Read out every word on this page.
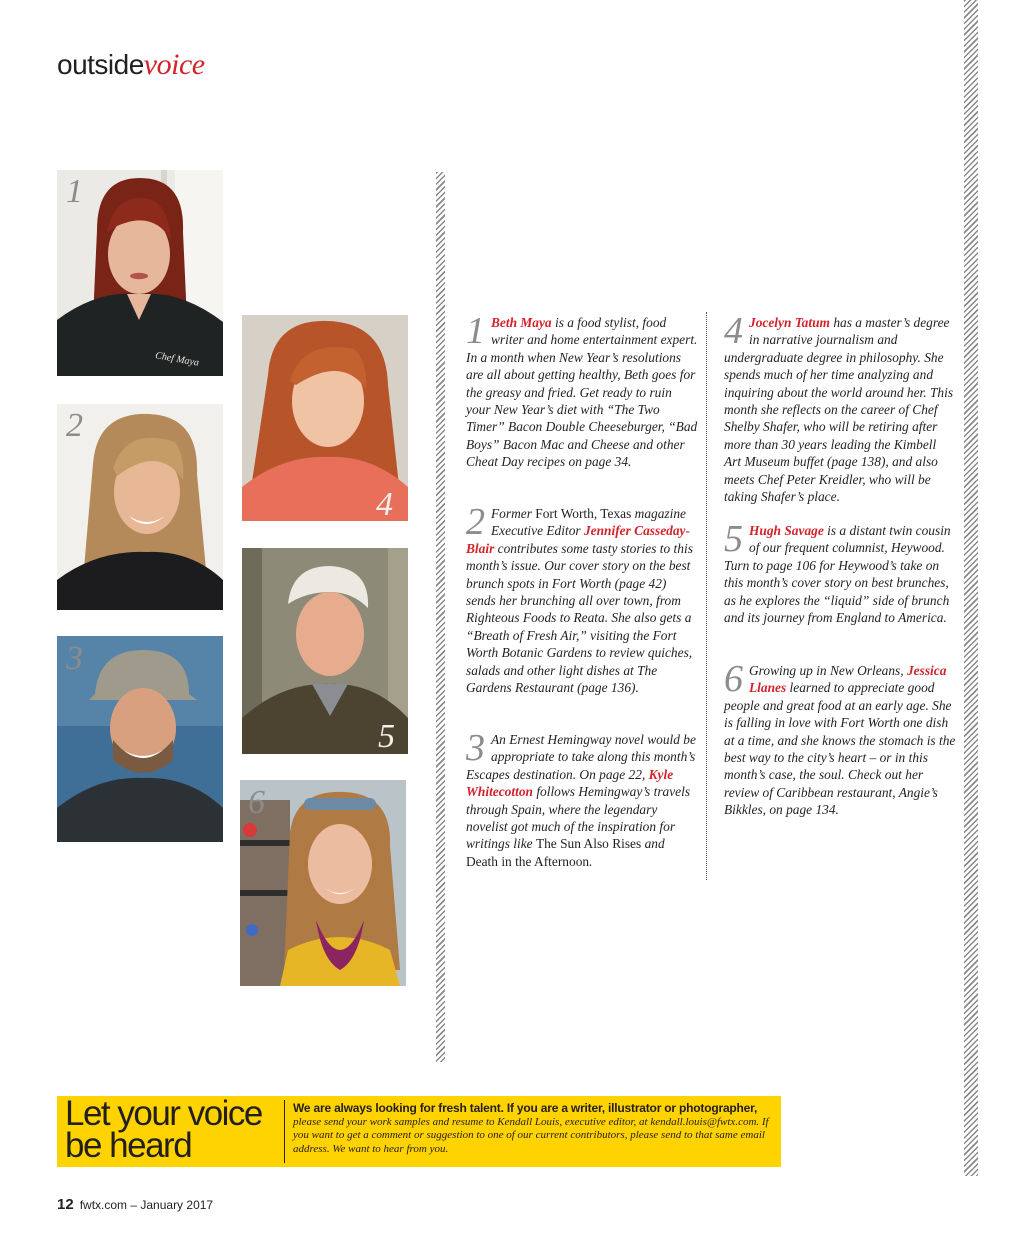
outsidevoice
Chef Maya
1
4
2
5
3
6
1 Beth Maya is a food stylist, food writer and home entertainment expert. In a month when New Year’s resolutions are all about getting healthy, Beth goes for the greasy and fried. Get ready to ruin your New Year’s diet with “The Two Timer” Bacon Double Cheeseburger, “Bad Boys” Bacon Mac and Cheese and other Cheat Day recipes on page 34.
2 Former Fort Worth, Texas magazine Executive Editor Jennifer Casseday-Blair contributes some tasty stories to this month’s issue. Our cover story on the best brunch spots in Fort Worth (page 42) sends her brunching all over town, from Righteous Foods to Reata. She also gets a “Breath of Fresh Air,” visiting the Fort Worth Botanic Gardens to review quiches, salads and other light dishes at The Gardens Restaurant (page 136).
3 An Ernest Hemingway novel would be appropriate to take along this month’s Escapes destination. On page 22, Kyle Whitecotton follows Hemingway’s travels through Spain, where the legendary novelist got much of the inspiration for writings like The Sun Also Rises and Death in the Afternoon.
4 Jocelyn Tatum has a master’s degree in narrative journalism and undergraduate degree in philosophy. She spends much of her time analyzing and inquiring about the world around her. This month she reflects on the career of Chef Shelby Shafer, who will be retiring after more than 30 years leading the Kimbell Art Museum buffet (page 138), and also meets Chef Peter Kreidler, who will be taking Shafer’s place.
5 Hugh Savage is a distant twin cousin of our frequent columnist, Heywood. Turn to page 106 for Heywood’s take on this month’s cover story on best brunches, as he explores the “liquid” side of brunch and its journey from England to America.
6 Growing up in New Orleans, Jessica Llanes learned to appreciate good people and great food at an early age. She is falling in love with Fort Worth one dish at a time, and she knows the stomach is the best way to the city’s heart – or in this month’s case, the soul. Check out her review of Caribbean restaurant, Angie’s Bikkles, on page 134.
Let your voice be heard
We are always looking for fresh talent. If you are a writer, illustrator or photographer, please send your work samples and resume to Kendall Louis, executive editor, at kendall.louis@fwtx.com. If you want to get a comment or suggestion to one of our current contributors, please send to that same email address. We want to hear from you.
12 fwtx.com – January 2017
